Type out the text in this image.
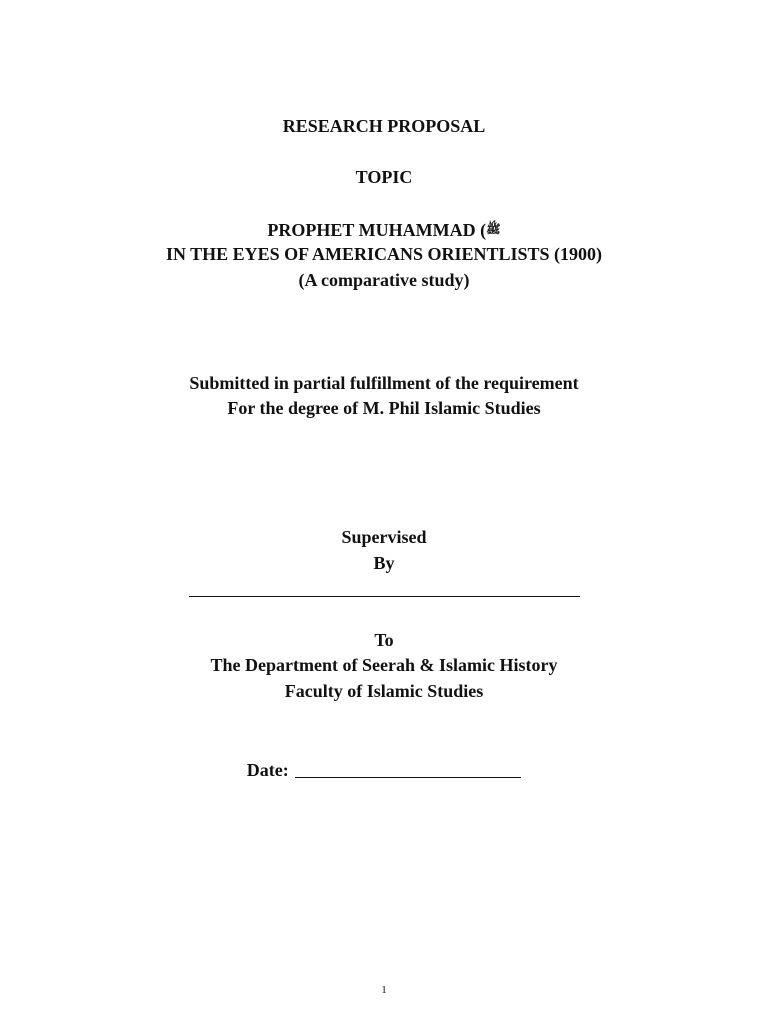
RESEARCH PROPOSAL
TOPIC
PROPHET MUHAMMAD (ﷺ
IN THE EYES OF AMERICANS ORIENTLISTS (1900)
(A comparative study)
Submitted in partial fulfillment of the requirement
For the degree of M. Phil Islamic Studies
Supervised
By
To
The Department of Seerah & Islamic History
Faculty of Islamic Studies
Date:
1
